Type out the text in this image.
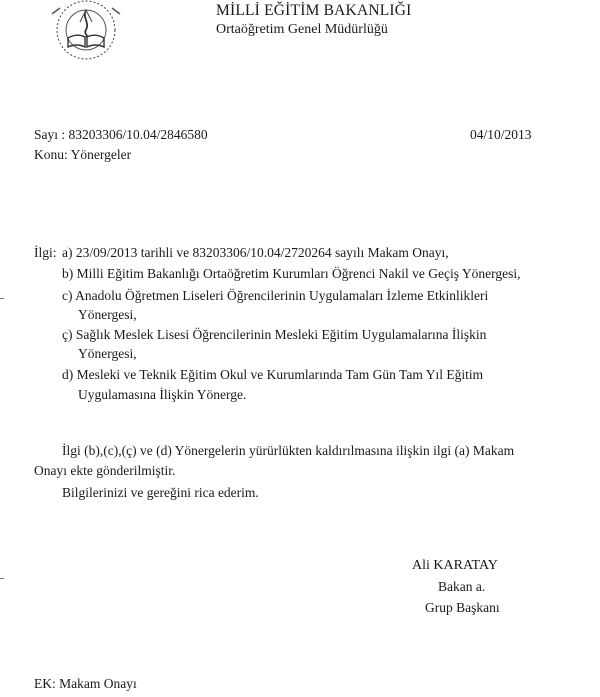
MİLLİ EĞİTİM BAKANLIĞI
Ortaöğretim Genel Müdürlüğü
Sayı : 83203306/10.04/2846580	04/10/2013
Konu: Yönergeler
İlgi: a) 23/09/2013 tarihli ve 83203306/10.04/2720264 sayılı Makam Onayı,
b) Milli Eğitim Bakanlığı Ortaöğretim Kurumları Öğrenci Nakil ve Geçiş Yönergesi,
c) Anadolu Öğretmen Liseleri Öğrencilerinin Uygulamaları İzleme Etkinlikleri
Yönergesi,
ç) Sağlık Meslek Lisesi Öğrencilerinin Mesleki Eğitim Uygulamalarına İlişkin
Yönergesi,
d) Mesleki ve Teknik Eğitim Okul ve Kurumlarında Tam Gün Tam Yıl Eğitim
Uygulamasına İlişkin Yönerge.
İlgi (b),(c),(ç) ve (d) Yönergelerin yürürlükten kaldırılmasına ilişkin ilgi (a) Makam
Onayı ekte gönderilmiştir.
Bilgilerinizi ve gereğini rica ederim.
Ali KARATAY
Bakan a.
Grup Başkanı
EK: Makam Onayı
